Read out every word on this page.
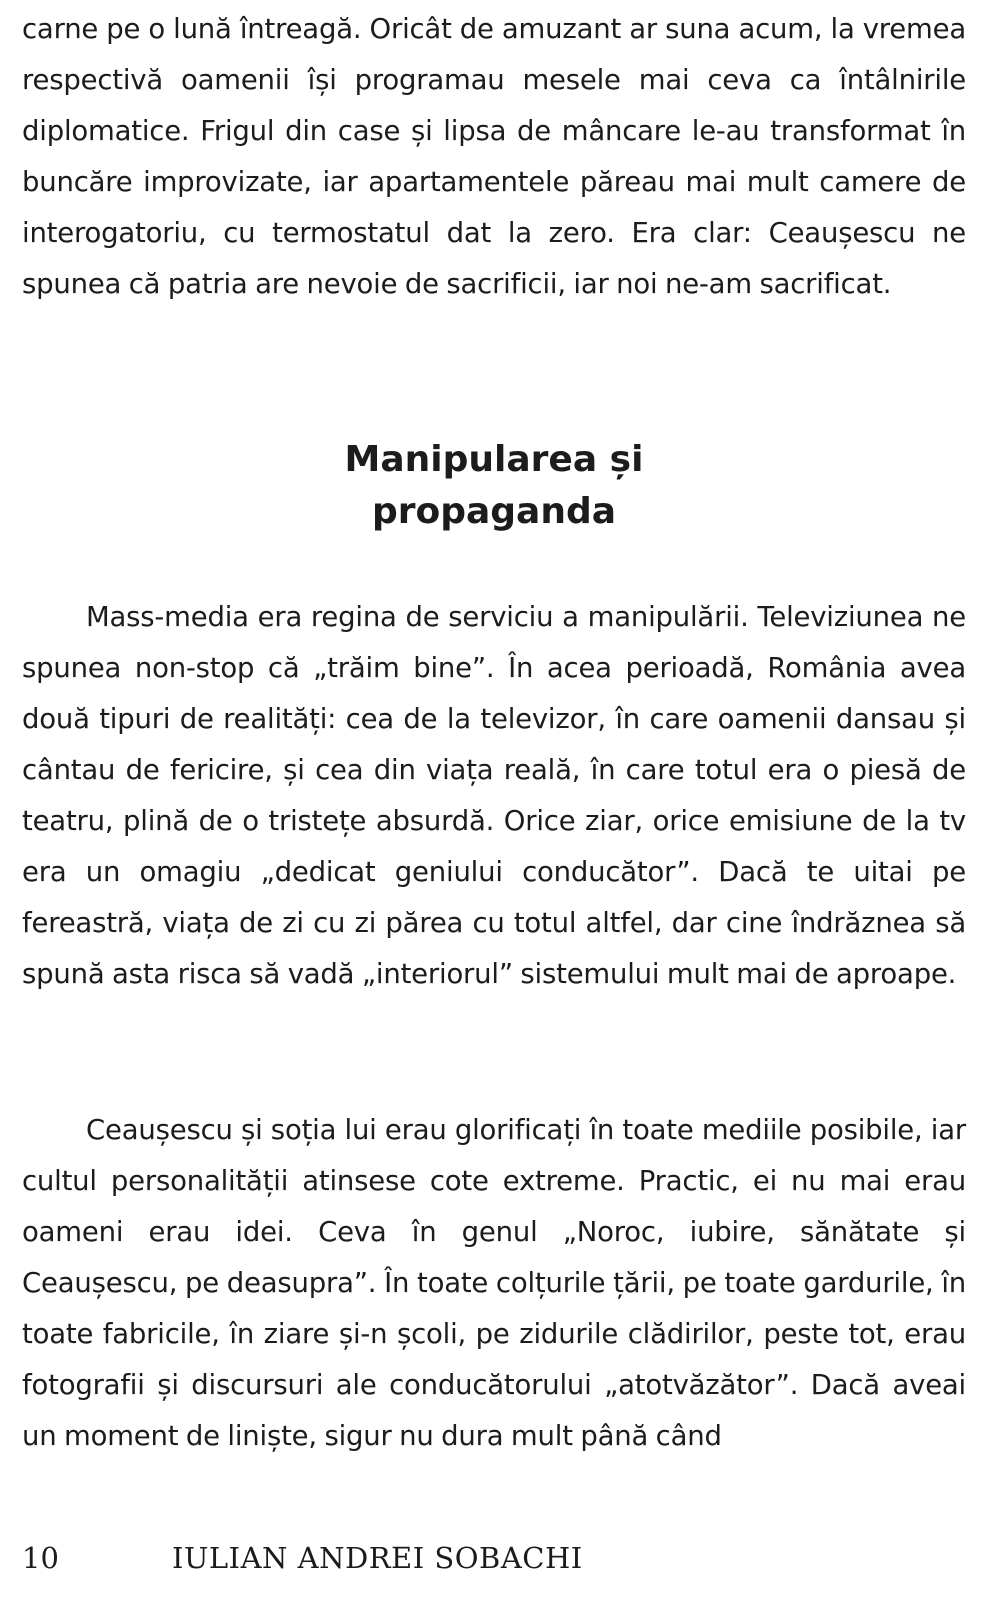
carne pe o lună întreagă. Oricât de amuzant ar suna acum, la vremea respectivă oamenii își programau mesele mai ceva ca întâlnirile diplomatice. Frigul din case și lipsa de mâncare le-au transformat în buncăre improvizate, iar apartamentele păreau mai mult camere de interogatoriu, cu termostatul dat la zero. Era clar: Ceaușescu ne spunea că patria are nevoie de sacrificii, iar noi ne-am sacrificat.

Manipularea și
propaganda

Mass-media era regina de serviciu a manipulării. Televiziunea ne spunea non-stop că „trăim bine”. În acea perioadă, România avea două tipuri de realități: cea de la televizor, în care oamenii dansau și cântau de fericire, și cea din viața reală, în care totul era o piesă de teatru, plină de o tristețe absurdă. Orice ziar, orice emisiune de la tv era un omagiu „dedicat geniului conducător”. Dacă te uitai pe fereastră, viața de zi cu zi părea cu totul altfel, dar cine îndrăznea să spună asta risca să vadă „interiorul” sistemului mult mai de aproape.

Ceaușescu și soția lui erau glorificați în toate mediile posibile, iar cultul personalității atinsese cote extreme. Practic, ei nu mai erau oameni erau idei. Ceva în genul „Noroc, iubire, sănătate și Ceaușescu, pe deasupra”. În toate colțurile țării, pe toate gardurile, în toate fabricile, în ziare și-n școli, pe zidurile clădirilor, peste tot, erau fotografii și discursuri ale conducătorului „atotvăzător”. Dacă aveai un moment de liniște, sigur nu dura mult până când

10	IULIAN ANDREI SOBACHI
